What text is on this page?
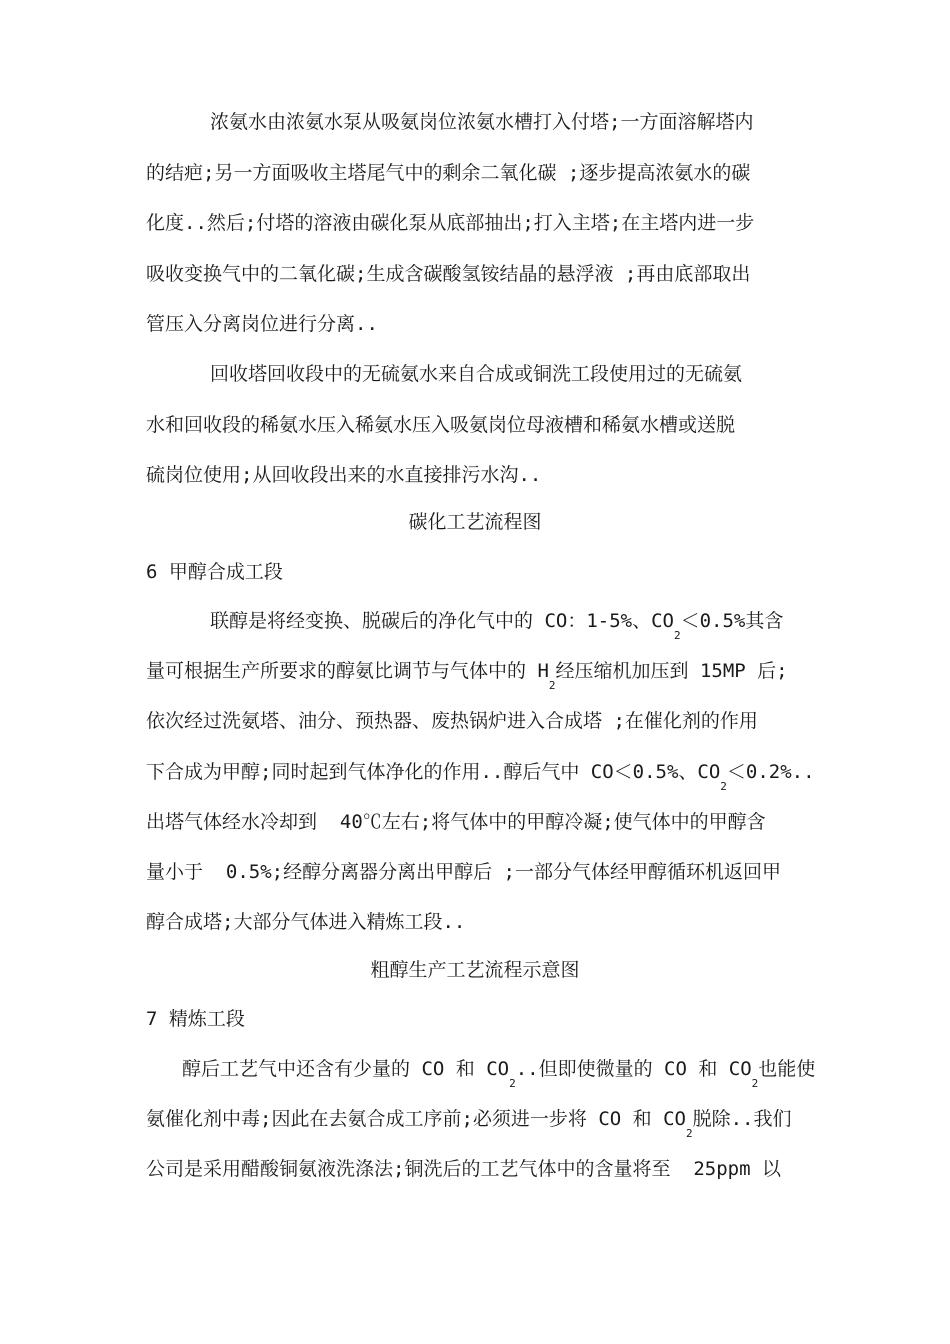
浓氨水由浓氨水泵从吸氨岗位浓氨水槽打入付塔;一方面溶解塔内
的结疤;另一方面吸收主塔尾气中的剩余二氧化碳 ;逐步提高浓氨水的碳
化度..然后;付塔的溶液由碳化泵从底部抽出;打入主塔;在主塔内进一步
吸收变换气中的二氧化碳;生成含碳酸氢铵结晶的悬浮液 ;再由底部取出
管压入分离岗位进行分离..
回收塔回收段中的无硫氨水来自合成或铜洗工段使用过的无硫氨
水和回收段的稀氨水压入稀氨水压入吸氨岗位母液槽和稀氨水槽或送脱
硫岗位使用;从回收段出来的水直接排污水沟..
碳化工艺流程图
6 甲醇合成工段
联醇是将经变换、脱碳后的净化气中的 CO：1-5%、$CO_2<0.5\%$其含
量可根据生产所要求的醇氨比调节与气体中的 $H_2$经压缩机加压到 15MP 后;
依次经过洗氨塔、油分、预热器、废热锅炉进入合成塔 ;在催化剂的作用
下合成为甲醇;同时起到气体净化的作用..醇后气中 CO＜0.5%、$CO_2<0.2\%$..
出塔气体经水冷却到  40℃左右;将气体中的甲醇冷凝;使气体中的甲醇含
量小于  0.5%;经醇分离器分离出甲醇后 ;一部分气体经甲醇循环机返回甲
醇合成塔;大部分气体进入精炼工段..
粗醇生产工艺流程示意图
7 精炼工段
醇后工艺气中还含有少量的 CO 和 $CO_2$..但即使微量的 CO 和 $CO_2$也能使
氨催化剂中毒;因此在去氨合成工序前;必须进一步将 CO 和 $CO_2$脱除..我们
公司是采用醋酸铜氨液洗涤法;铜洗后的工艺气体中的含量将至  25ppm 以
